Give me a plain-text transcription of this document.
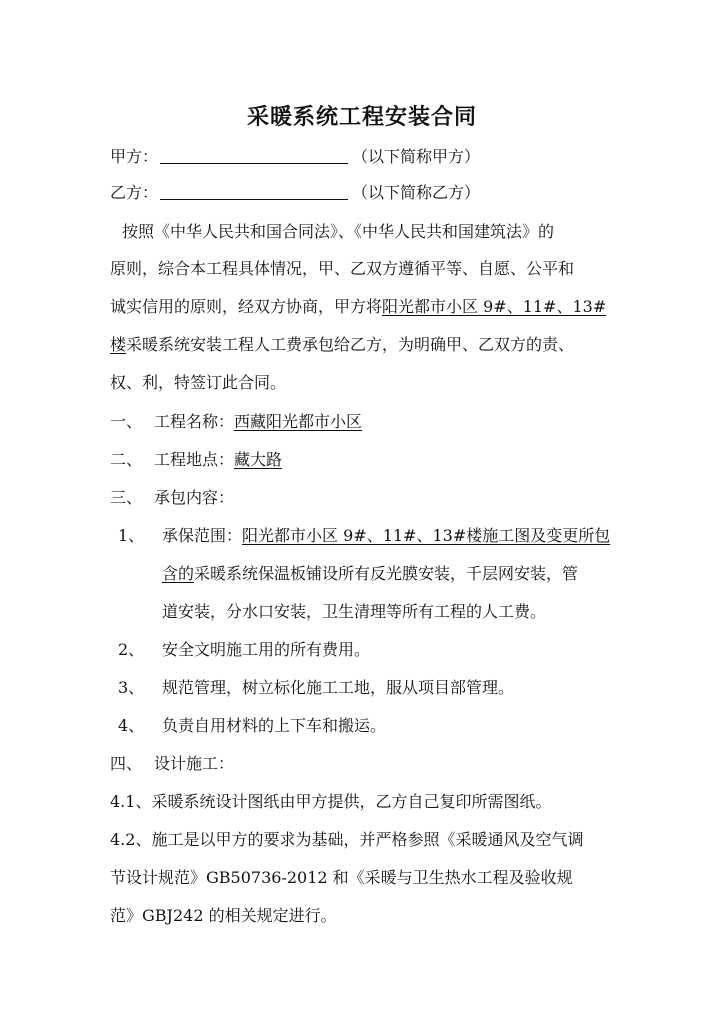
采暖系统工程安装合同
甲方：	（以下简称甲方）
乙方：	（以下简称乙方）
按照《中华人民共和国合同法》、《中华人民共和国建筑法》的
原则，综合本工程具体情况，甲、乙双方遵循平等、自愿、公平和
诚实信用的原则，经双方协商，甲方将阳光都市小区 9#、11#、13#
楼采暖系统安装工程人工费承包给乙方，为明确甲、乙双方的责、
权、利，特签订此合同。
一、 工程名称：西藏阳光都市小区
二、 工程地点：藏大路
三、 承包内容：
1、 承保范围：阳光都市小区 9#、11#、13#楼施工图及变更所包
含的采暖系统保温板铺设所有反光膜安装，千层网安装，管
道安装，分水口安装，卫生清理等所有工程的人工费。
2、 安全文明施工用的所有费用。
3、 规范管理，树立标化施工工地，服从项目部管理。
4、 负责自用材料的上下车和搬运。
四、 设计施工：
4.1、采暖系统设计图纸由甲方提供，乙方自己复印所需图纸。
4.2、施工是以甲方的要求为基础，并严格参照《采暖通风及空气调
节设计规范》GB50736-2012 和《采暖与卫生热水工程及验收规
范》GBJ242 的相关规定进行。
